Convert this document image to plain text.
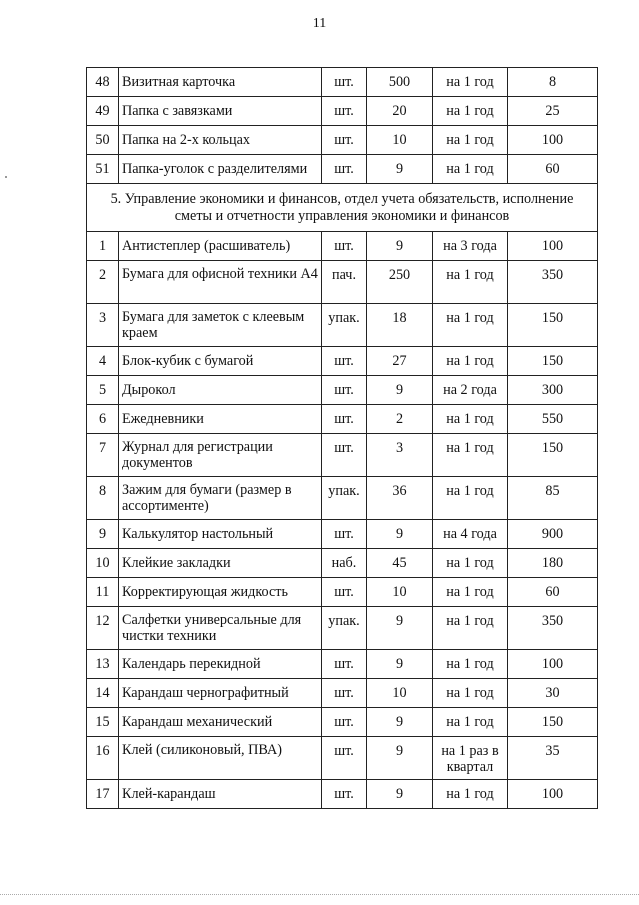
11
48	Визитная карточка	шт.	500	на 1 год	8
49	Папка с завязками	шт.	20	на 1 год	25
50	Папка на 2-х кольцах	шт.	10	на 1 год	100
51	Папка-уголок с разделителями	шт.	9	на 1 год	60
5. Управление экономики и финансов, отдел учета обязательств, исполнение сметы и отчетности управления экономики и финансов					
1	Антистеплер (расшиватель)	шт.	9	на 3 года	100
2	Бумага для офисной техники А4	пач.	250	на 1 год	350
3	Бумага для заметок с клеевым краем	упак.	18	на 1 год	150
4	Блок-кубик с бумагой	шт.	27	на 1 год	150
5	Дырокол	шт.	9	на 2 года	300
6	Ежедневники	шт.	2	на 1 год	550
7	Журнал для регистрации документов	шт.	3	на 1 год	150
8	Зажим для бумаги (размер в ассортименте)	упак.	36	на 1 год	85
9	Калькулятор настольный	шт.	9	на 4 года	900
10	Клейкие закладки	наб.	45	на 1 год	180
11	Корректирующая жидкость	шт.	10	на 1 год	60
12	Салфетки универсальные для чистки техники	упак.	9	на 1 год	350
13	Календарь перекидной	шт.	9	на 1 год	100
14	Карандаш чернографитный	шт.	10	на 1 год	30
15	Карандаш механический	шт.	9	на 1 год	150
16	Клей (силиконовый, ПВА)	шт.	9	на 1 раз в квартал	35
17	Клей-карандаш	шт.	9	на 1 год	100
